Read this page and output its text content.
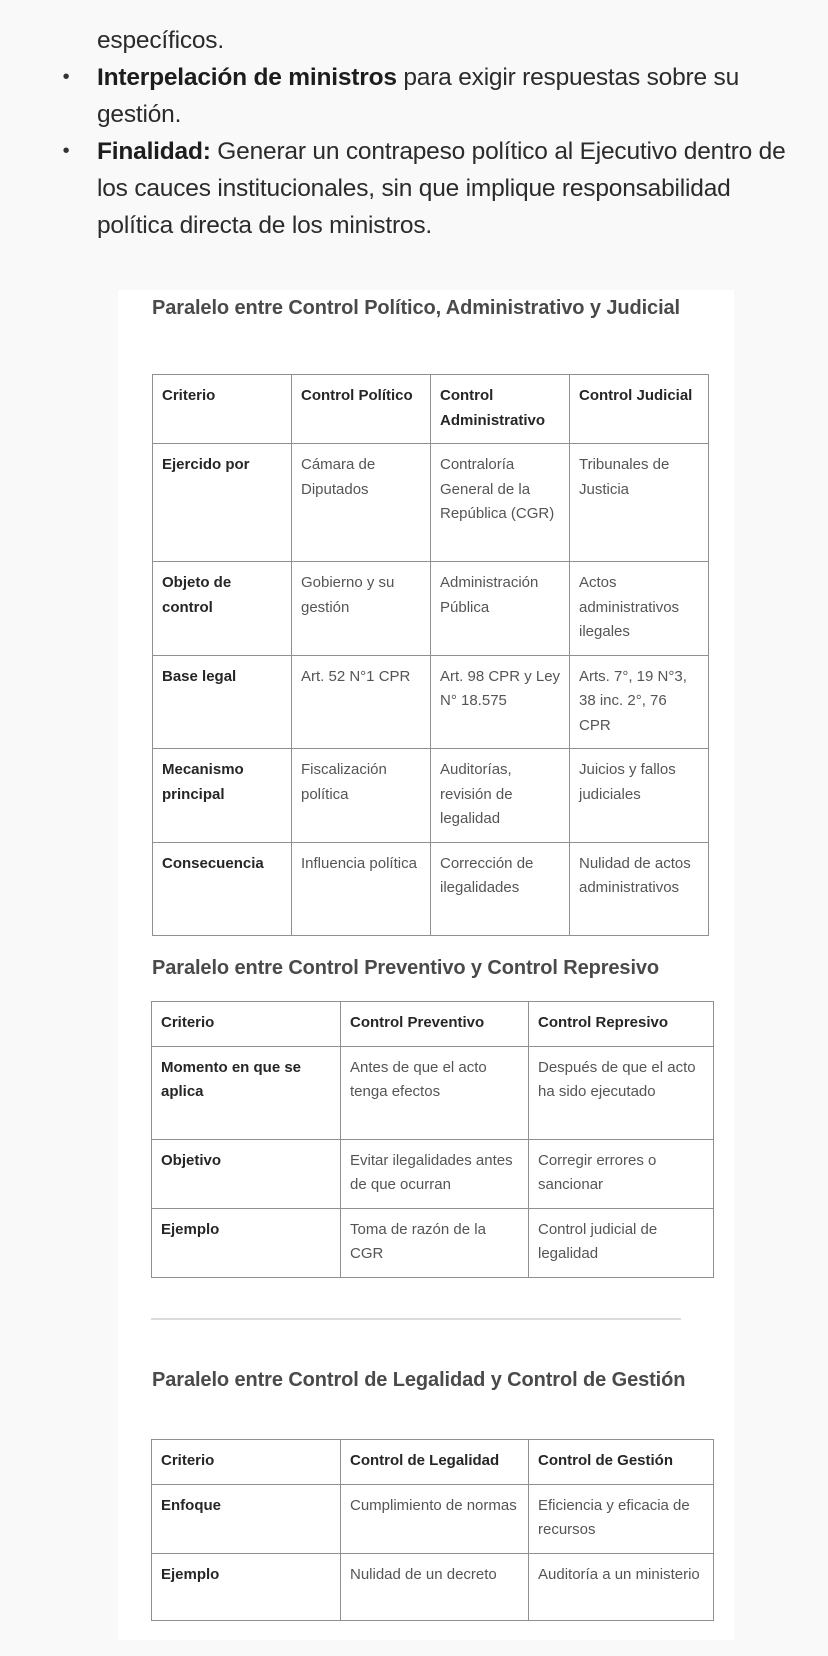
específicos.
• Interpelación de ministros para exigir respuestas sobre su gestión.
• Finalidad: Generar un contrapeso político al Ejecutivo dentro de los cauces institucionales, sin que implique responsabilidad política directa de los ministros.
Paralelo entre Control Político, Administrativo y Judicial
Criterio	Control Político	Control Administrativo	Control Judicial
Ejercido por	Cámara de Diputados	Contraloría General de la República (CGR)	Tribunales de Justicia
Objeto de control	Gobierno y su gestión	Administración Pública	Actos administrativos ilegales
Base legal	Art. 52 N°1 CPR	Art. 98 CPR y Ley N° 18.575	Arts. 7°, 19 N°3, 38 inc. 2°, 76 CPR
Mecanismo principal	Fiscalización política	Auditorías, revisión de legalidad	Juicios y fallos judiciales
Consecuencia	Influencia política	Corrección de ilegalidades	Nulidad de actos administrativos
Paralelo entre Control Preventivo y Control Represivo
Criterio	Control Preventivo	Control Represivo
Momento en que se aplica	Antes de que el acto tenga efectos	Después de que el acto ha sido ejecutado
Objetivo	Evitar ilegalidades antes de que ocurran	Corregir errores o sancionar
Ejemplo	Toma de razón de la CGR	Control judicial de legalidad
Paralelo entre Control de Legalidad y Control de Gestión
Criterio	Control de Legalidad	Control de Gestión
Enfoque	Cumplimiento de normas	Eficiencia y eficacia de recursos
Ejemplo	Nulidad de un decreto	Auditoría a un ministerio
